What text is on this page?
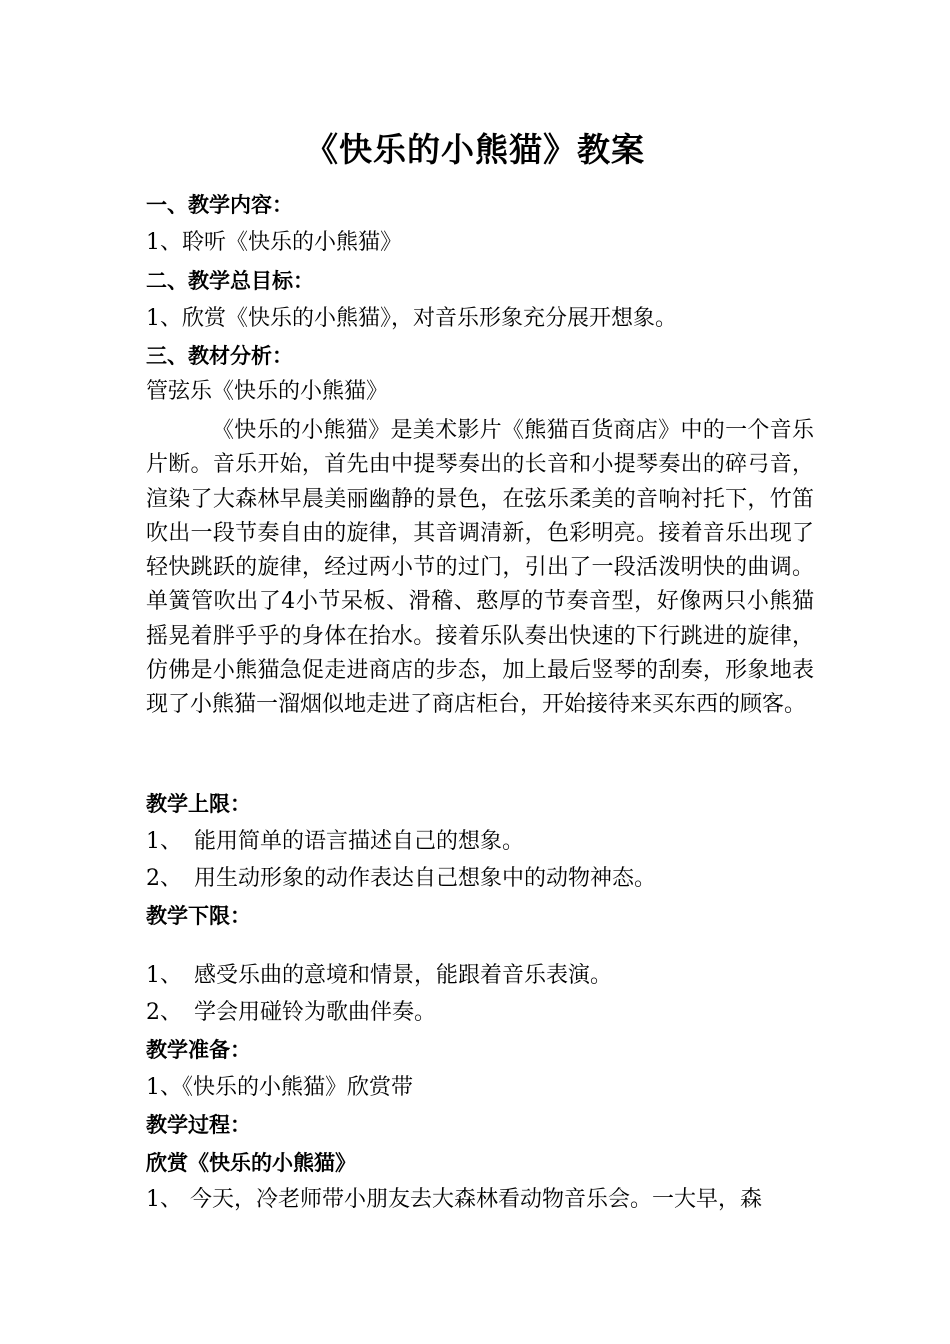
《快乐的小熊猫》教案
一、教学内容：
1、聆听《快乐的小熊猫》
二、教学总目标：
1、欣赏《快乐的小熊猫》，对音乐形象充分展开想象。
三、教材分析：
管弦乐《快乐的小熊猫》
《快乐的小熊猫》是美术影片《熊猫百货商店》中的一个音乐片断。音乐开始，首先由中提琴奏出的长音和小提琴奏出的碎弓音，渲染了大森林早晨美丽幽静的景色，在弦乐柔美的音响衬托下，竹笛吹出一段节奏自由的旋律，其音调清新，色彩明亮。接着音乐出现了轻快跳跃的旋律，经过两小节的过门，引出了一段活泼明快的曲调。单簧管吹出了4小节呆板、滑稽、憨厚的节奏音型，好像两只小熊猫摇晃着胖乎乎的身体在抬水。接着乐队奏出快速的下行跳进的旋律，仿佛是小熊猫急促走进商店的步态，加上最后竖琴的刮奏，形象地表现了小熊猫一溜烟似地走进了商店柜台，开始接待来买东西的顾客。
教学上限：
1、 能用简单的语言描述自己的想象。
2、 用生动形象的动作表达自己想象中的动物神态。
教学下限：
1、 感受乐曲的意境和情景，能跟着音乐表演。
2、 学会用碰铃为歌曲伴奏。
教学准备：
1、《快乐的小熊猫》欣赏带
教学过程：
欣赏《快乐的小熊猫》
1、 今天，冷老师带小朋友去大森林看动物音乐会。一大早，森
